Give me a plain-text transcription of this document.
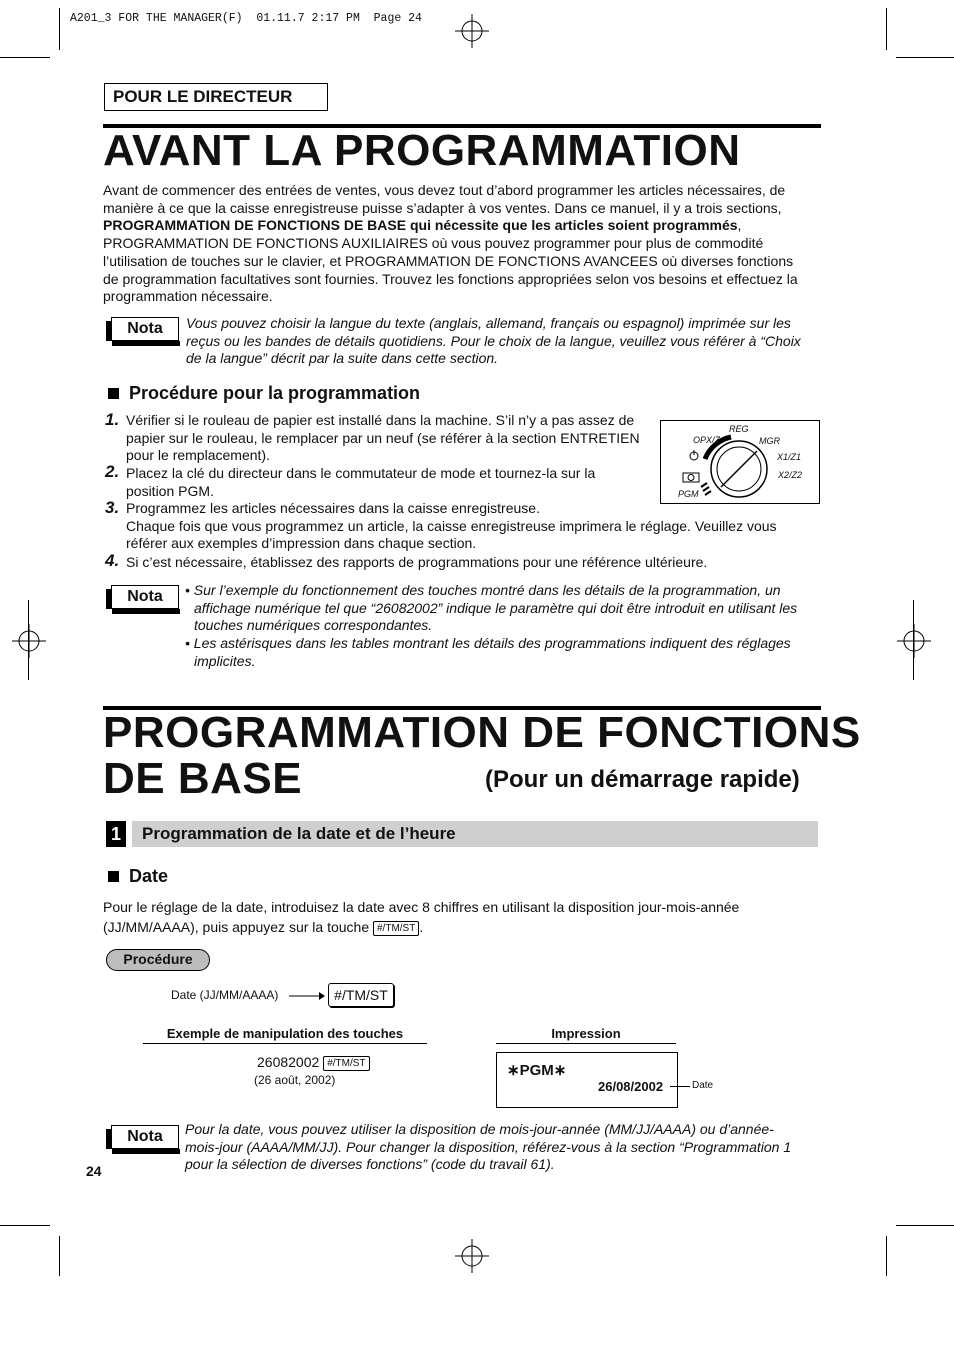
A201_3 FOR THE MANAGER(F)  01.11.7 2:17 PM  Page 24
POUR LE DIRECTEUR
AVANT LA PROGRAMMATION
Avant de commencer des entrées de ventes, vous devez tout d’abord programmer les articles nécessaires, de
manière à ce que la caisse enregistreuse puisse s’adapter à vos ventes. Dans ce manuel, il y a trois sections,
PROGRAMMATION DE FONCTIONS DE BASE qui nécessite que les articles soient programmés,
PROGRAMMATION DE FONCTIONS AUXILIAIRES où vous pouvez programmer pour plus de commodité
l’utilisation de touches sur le clavier, et PROGRAMMATION DE FONCTIONS AVANCEES où diverses fonctions
de programmation facultatives sont fournies. Trouvez les fonctions appropriées selon vos besoins et effectuez la
programmation nécessaire.
Nota	Vous pouvez choisir la langue du texte (anglais, allemand, français ou espagnol) imprimée sur les
reçus ou les bandes de détails quotidiens. Pour le choix de la langue, veuillez vous référer à “Choix
de la langue” décrit par la suite dans cette section.
Procédure pour la programmation
1. Vérifier si le rouleau de papier est installé dans la machine. S’il n’y a pas assez de
papier sur le rouleau, le remplacer par un neuf (se référer à la section ENTRETIEN
pour le remplacement).
2. Placez la clé du directeur dans le commutateur de mode et tournez-la sur la
position PGM.
3. Programmez les articles nécessaires dans la caisse enregistreuse.
Chaque fois que vous programmez un article, la caisse enregistreuse imprimera le réglage. Veuillez vous
référer aux exemples d’impression dans chaque section.
4. Si c’est nécessaire, établissez des rapports de programmations pour une référence ultérieure.
REG
OPX/Z	MGR
X1/Z1
X2/Z2
PGM
Nota	• Sur l’exemple du fonctionnement des touches montré dans les détails de la programmation, un
affichage numérique tel que “26082002” indique le paramètre qui doit être introduit en utilisant les
touches numériques correspondantes.
• Les astérisques dans les tables montrant les détails des programmations indiquent des réglages
implicites.
PROGRAMMATION DE FONCTIONS
DE BASE	(Pour un démarrage rapide)
1 Programmation de la date et de l’heure
Date
Pour le réglage de la date, introduisez la date avec 8 chiffres en utilisant la disposition jour-mois-année
(JJ/MM/AAAA), puis appuyez sur la touche #/TM/ST .
Procédure
Date (JJ/MM/AAAA)	#/TM/ST
Exemple de manipulation des touches
26082002 #/TM/ST
(26 août, 2002)
Impression
∗PGM∗
26/08/2002	Date
Nota	Pour la date, vous pouvez utiliser la disposition de mois-jour-année (MM/JJ/AAAA) ou d’année-
mois-jour (AAAA/MM/JJ). Pour changer la disposition, référez-vous à la section “Programmation 1
pour la sélection de diverses fonctions” (code du travail 61).
24
